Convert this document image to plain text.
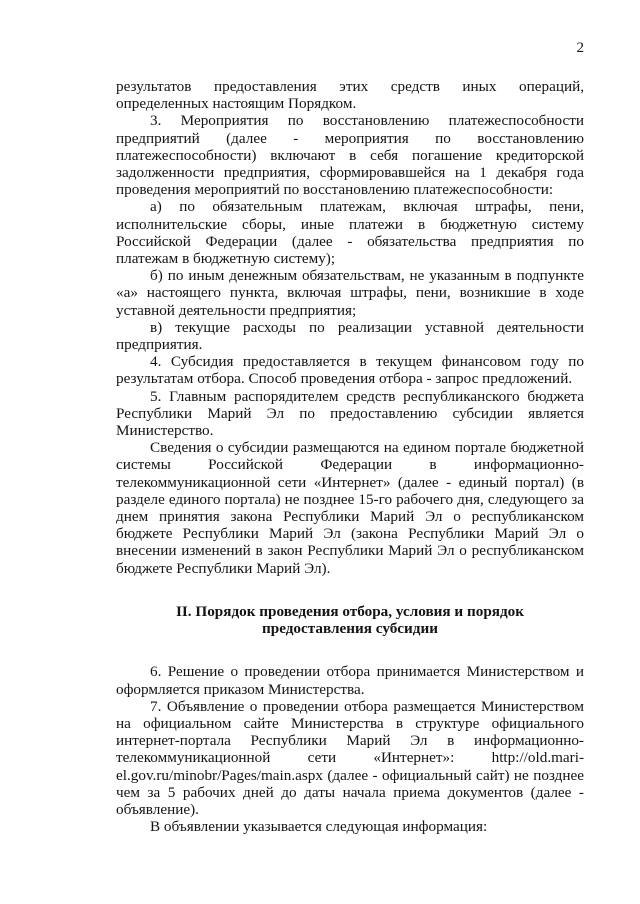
2

результатов предоставления этих средств иных операций, определенных настоящим Порядком.

3. Мероприятия по восстановлению платежеспособности предприятий (далее - мероприятия по восстановлению платежеспособности) включают в себя погашение кредиторской задолженности предприятия, сформировавшейся на 1 декабря года проведения мероприятий по восстановлению платежеспособности:

а) по обязательным платежам, включая штрафы, пени, исполнительские сборы, иные платежи в бюджетную систему Российской Федерации (далее - обязательства предприятия по платежам в бюджетную систему);

б) по иным денежным обязательствам, не указанным в подпункте «а» настоящего пункта, включая штрафы, пени, возникшие в ходе уставной деятельности предприятия;

в) текущие расходы по реализации уставной деятельности предприятия.

4. Субсидия предоставляется в текущем финансовом году по результатам отбора. Способ проведения отбора - запрос предложений.

5. Главным распорядителем средств республиканского бюджета Республики Марий Эл по предоставлению субсидии является Министерство.

Сведения о субсидии размещаются на едином портале бюджетной системы Российской Федерации в информационно-телекоммуникационной сети «Интернет» (далее - единый портал) (в разделе единого портала) не позднее 15-го рабочего дня, следующего за днем принятия закона Республики Марий Эл о республиканском бюджете Республики Марий Эл (закона Республики Марий Эл о внесении изменений в закон Республики Марий Эл о республиканском бюджете Республики Марий Эл).

II. Порядок проведения отбора, условия и порядок

предоставления субсидии

6. Решение о проведении отбора принимается Министерством и оформляется приказом Министерства.

7. Объявление о проведении отбора размещается Министерством на официальном сайте Министерства в структуре официального интернет-портала Республики Марий Эл в информационно-телекоммуникационной сети «Интернет»: http://old.mari-el.gov.ru/minobr/Pages/main.aspx (далее - официальный сайт) не позднее чем за 5 рабочих дней до даты начала приема документов (далее - объявление).

В объявлении указывается следующая информация:
